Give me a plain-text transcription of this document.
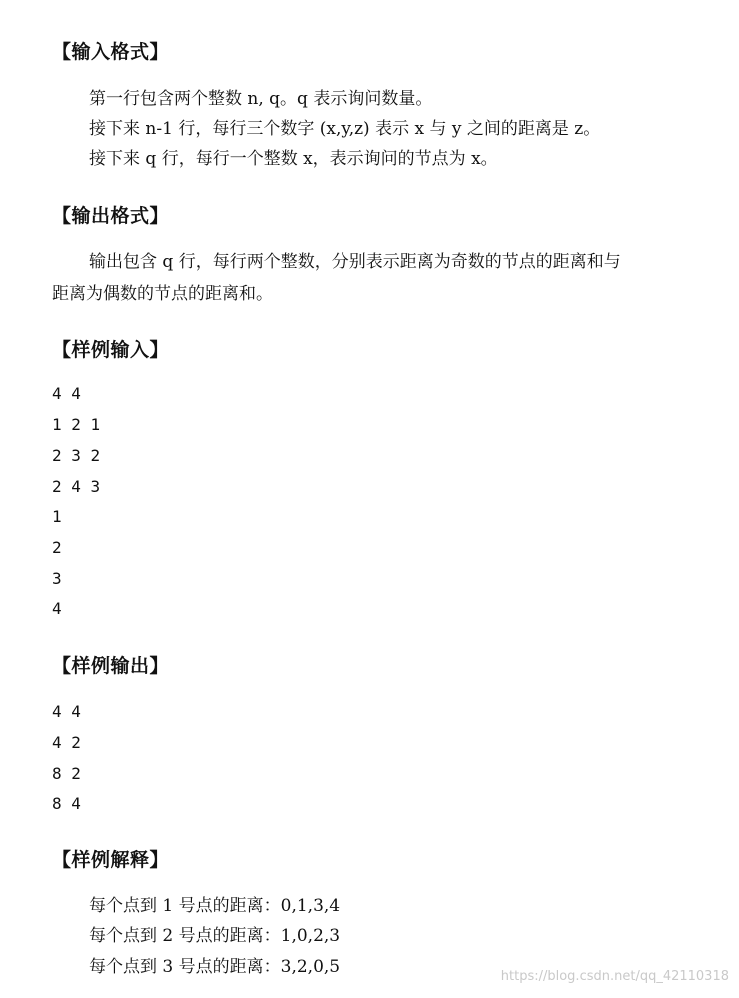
【输入格式】
第一行包含两个整数 n, q。q 表示询问数量。
接下来 n-1 行，每行三个数字 (x,y,z) 表示 x 与 y 之间的距离是 z。
接下来 q 行，每行一个整数 x，表示询问的节点为 x。
【输出格式】
输出包含 q 行，每行两个整数，分别表示距离为奇数的节点的距离和与
距离为偶数的节点的距离和。
【样例输入】
4 4
1 2 1
2 3 2
2 4 3
1
2
3
4
【样例输出】
4 4
4 2
8 2
8 4
【样例解释】
每个点到 1 号点的距离：0,1,3,4
每个点到 2 号点的距离：1,0,2,3
每个点到 3 号点的距离：3,2,0,5	https://blog.csdn.net/qq_42110318
